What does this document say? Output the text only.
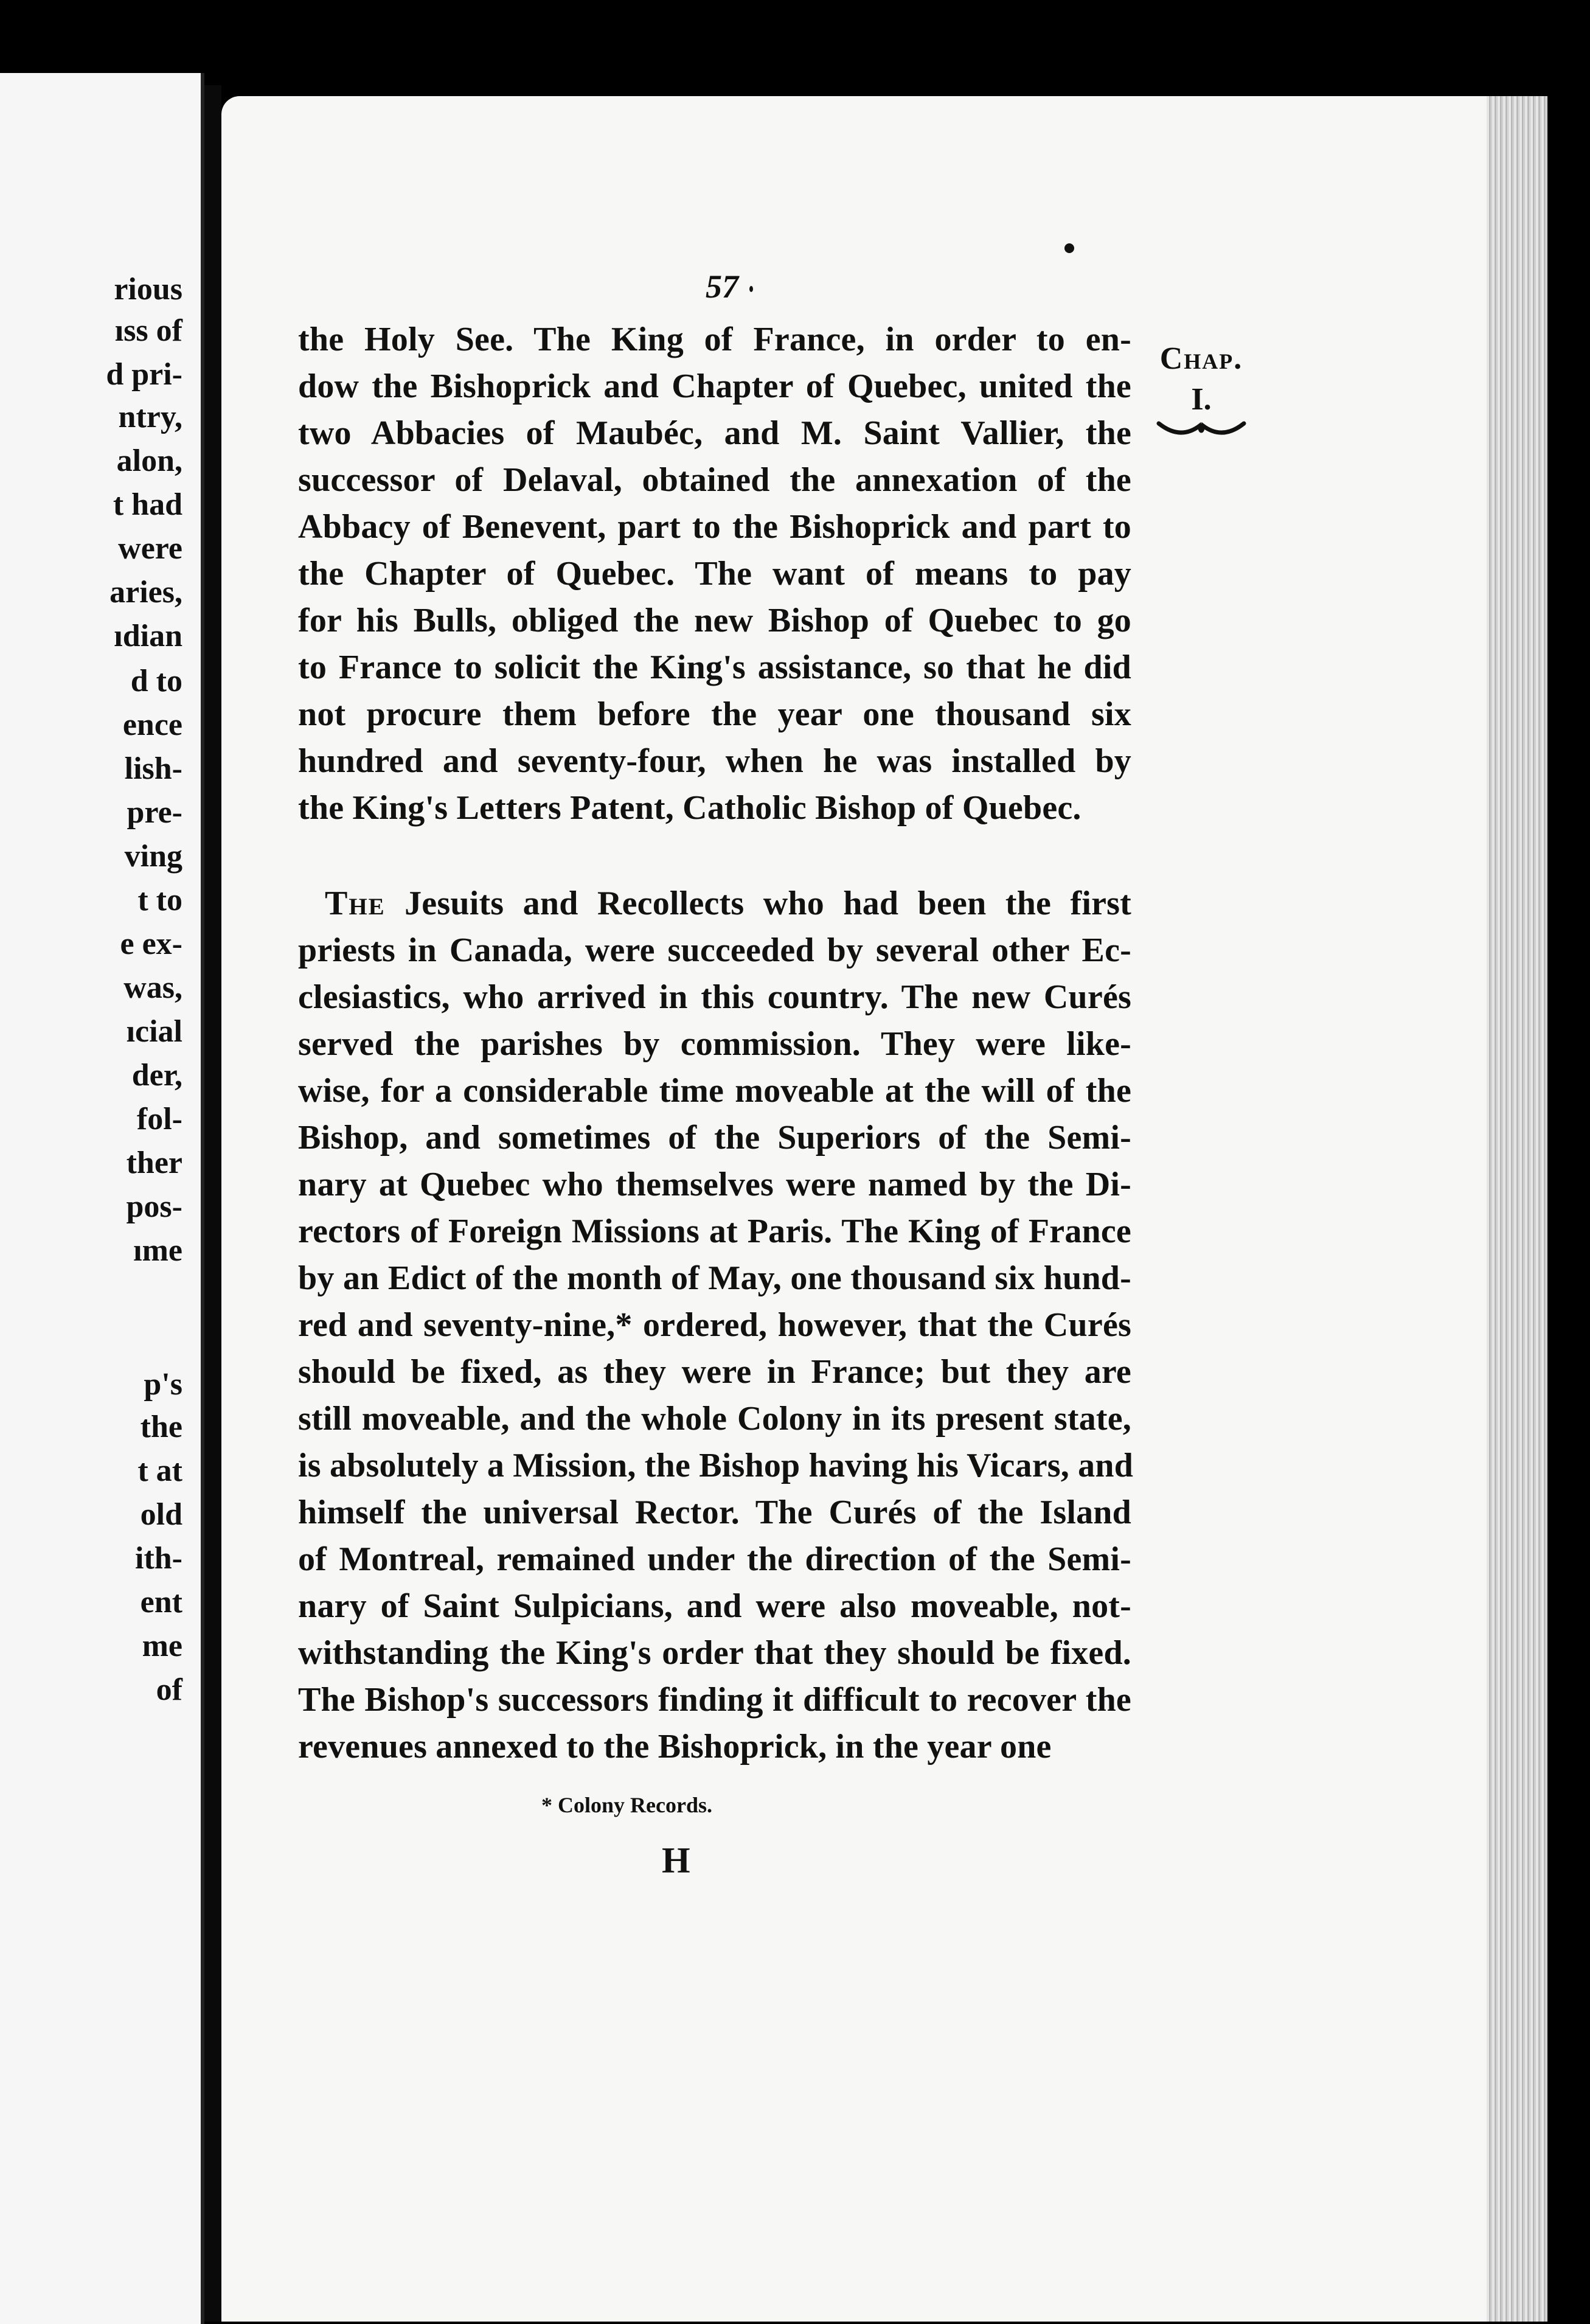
rious
ıss of
d pri-
ntry,
alon,
t had
were
aries,
ıdian
d to
ence
lish-
pre-
ving
t to
e ex-
was,
ıcial
der,
fol-
ther
pos-
ıme
p's
the
t at
old
ith-
ent
me
of
57
Chap.
I.
the Holy See. The King of France, in order to en-
dow the Bishoprick and Chapter of Quebec, united the
two Abbacies of Maubéc, and M. Saint Vallier, the
successor of Delaval, obtained the annexation of the
Abbacy of Benevent, part to the Bishoprick and part to
the Chapter of Quebec. The want of means to pay
for his Bulls, obliged the new Bishop of Quebec to go
to France to solicit the King's assistance, so that he did
not procure them before the year one thousand six
hundred and seventy-four, when he was installed by
the King's Letters Patent, Catholic Bishop of Quebec.
The Jesuits and Recollects who had been the first
priests in Canada, were succeeded by several other Ec-
clesiastics, who arrived in this country. The new Curés
served the parishes by commission. They were like-
wise, for a considerable time moveable at the will of the
Bishop, and sometimes of the Superiors of the Semi-
nary at Quebec who themselves were named by the Di-
rectors of Foreign Missions at Paris. The King of France
by an Edict of the month of May, one thousand six hund-
red and seventy-nine,* ordered, however, that the Curés
should be fixed, as they were in France; but they are
still moveable, and the whole Colony in its present state,
is absolutely a Mission, the Bishop having his Vicars, and
himself the universal Rector. The Curés of the Island
of Montreal, remained under the direction of the Semi-
nary of Saint Sulpicians, and were also moveable, not-
withstanding the King's order that they should be fixed.
The Bishop's successors finding it difficult to recover the
revenues annexed to the Bishoprick, in the year one
* Colony Records.
H
